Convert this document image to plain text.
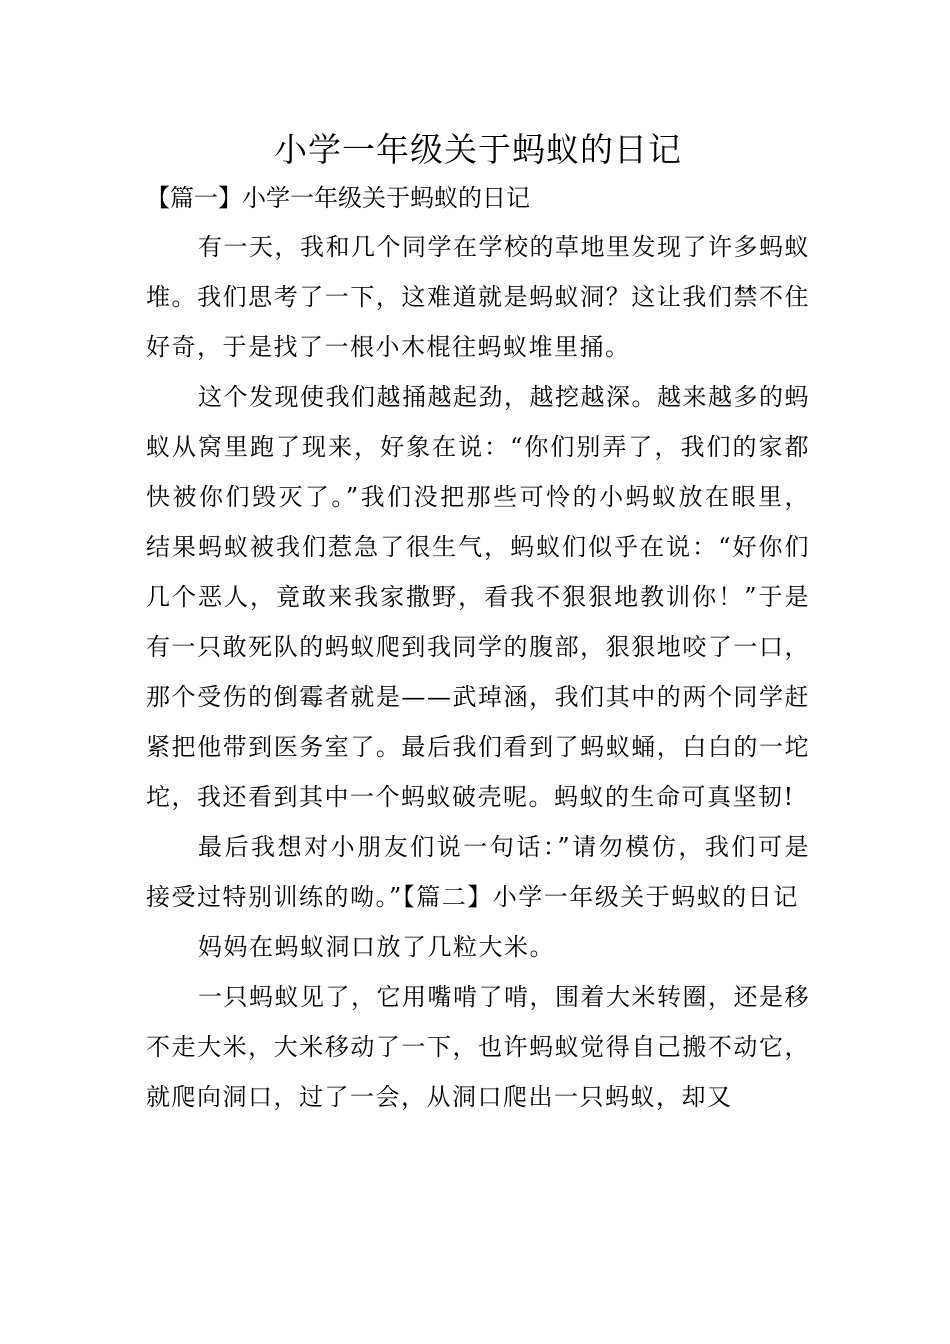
小学一年级关于蚂蚁的日记

【篇一】小学一年级关于蚂蚁的日记

有一天，我和几个同学在学校的草地里发现了许多蚂蚁堆。我们思考了一下，这难道就是蚂蚁洞？这让我们禁不住好奇，于是找了一根小木棍往蚂蚁堆里捅。

这个发现使我们越捅越起劲，越挖越深。越来越多的蚂蚁从窝里跑了现来，好象在说：“你们别弄了，我们的家都快被你们毁灭了。”我们没把那些可怜的小蚂蚁放在眼里，结果蚂蚁被我们惹急了很生气，蚂蚁们似乎在说：“好你们几个恶人，竟敢来我家撒野，看我不狠狠地教训你！”于是有一只敢死队的蚂蚁爬到我同学的腹部，狠狠地咬了一口，那个受伤的倒霉者就是——武琸涵，我们其中的两个同学赶紧把他带到医务室了。最后我们看到了蚂蚁蛹，白白的一坨坨，我还看到其中一个蚂蚁破壳呢。蚂蚁的生命可真坚韧!

最后我想对小朋友们说一句话：”请勿模仿，我们可是接受过特别训练的呦。”【篇二】小学一年级关于蚂蚁的日记

妈妈在蚂蚁洞口放了几粒大米。

一只蚂蚁见了，它用嘴啃了啃，围着大米转圈，还是移不走大米，大米移动了一下，也许蚂蚁觉得自己搬不动它，就爬向洞口，过了一会，从洞口爬出一只蚂蚁，却又
